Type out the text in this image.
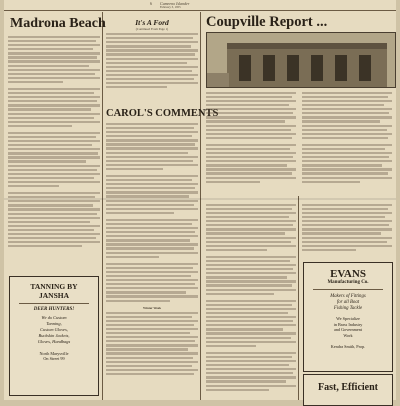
6 Cumeeno Islander
February 3, 1955
Madrona Beach
TANNING BY
JANSHA
DEER HUNTERS!
We do Custom
Tanning,
Custom Gloves,
Buckskin Jackets,
Gloves, Handbags
North Marysville
On Street 99
It's A Ford
(Continued From Page 1)
CAROL'S COMMENTS
Winter Week
Coupville Report ...
EVANS
Manufacturing Co.
Makers of Fittings
for all Boat
Fishing Tackle
We Specialize
in Brass Industry
and Government
Work
Kendra Smith, Prop.
Fast, Efficient
